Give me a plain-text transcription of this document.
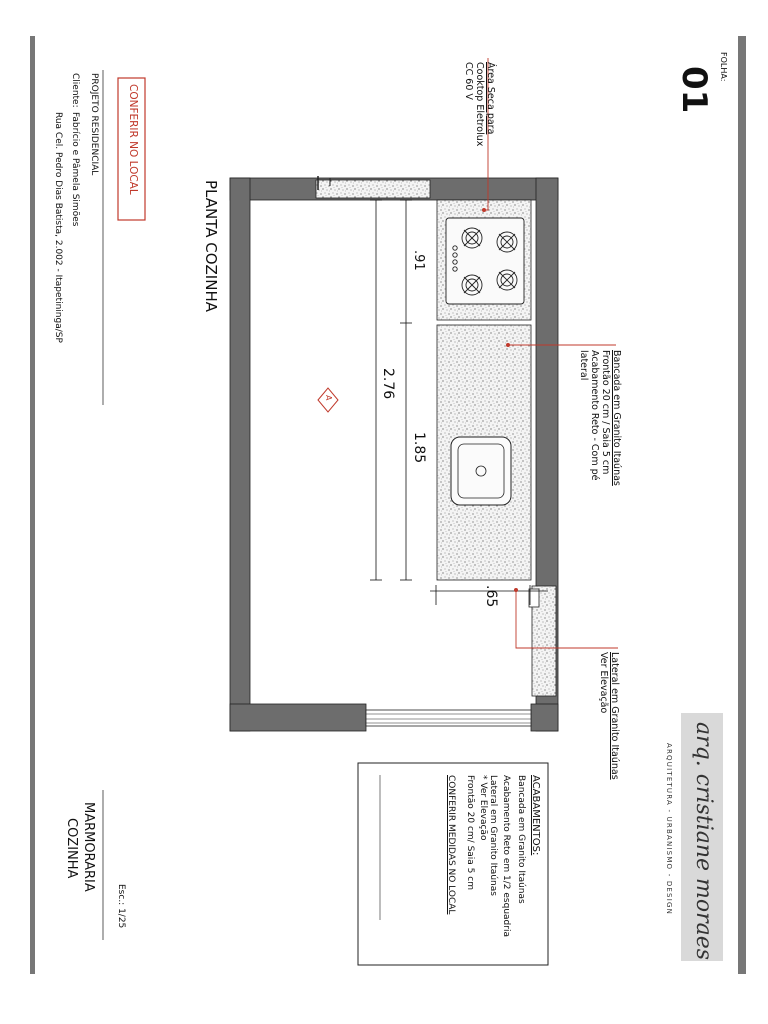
FOLHA:
01
arq. cristiane moraes
ARQUITETURA - URBANISMO - DESIGN
PLANTA COZINHA
A
.91
2.76
1.85
.65
Área Seca para
Cooktop Eletrolux
CC 60 V
Bancada em Granito Itaúnas
Frontão 20 cm / Saia 5 cm
Acabamento Reto - Com pé
lateral
Lateral em Granito Itaúnas
Ver Elevação
ACABAMENTOS:
Bancada em Granito Itaúnas
Acabamento Reto em 1/2 esquadria
Lateral em Granito Itaúnas
* Ver Elevação
Frontão 20 cm/ Saia 5 cm
CONFERIR MEDIDAS NO LOCAL
CONFERIR NO LOCAL
PROJETO RESIDENCIAL
Cliente:
Fabrício e Pâmela Simões
Rua Cel. Pedro Dias Batista, 2.002 - Itapetininga/SP
MARMORARIA
COZINHA
Esc.: 1/25
